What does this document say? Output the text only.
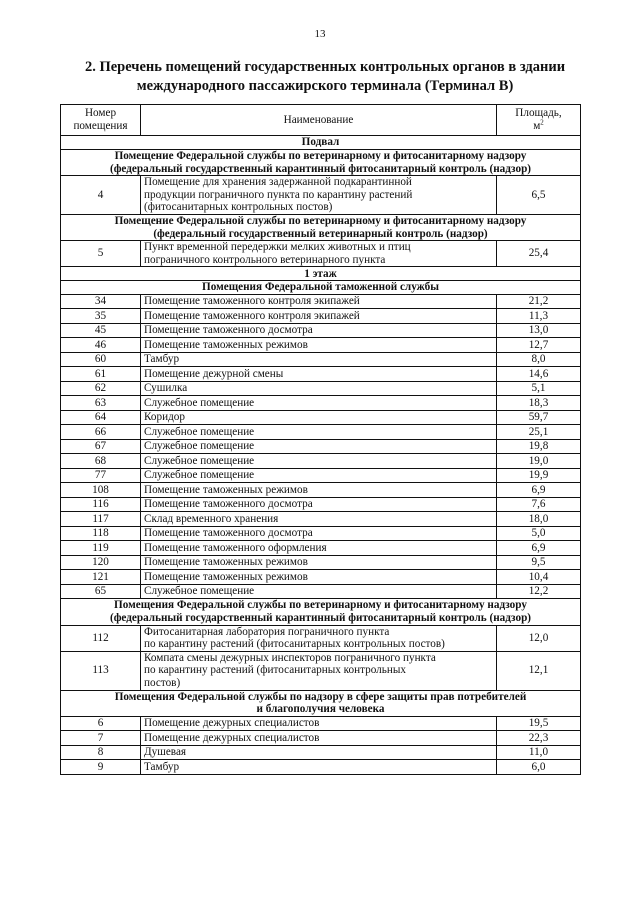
13
2. Перечень помещений государственных контрольных органов в здании
международного пассажирского терминала (Терминал B)
Номер
помещения	Наименование	Площадь,
$м^2$
Подвал		

Помещение Федеральной службы по ветеринарному и фитосанитарному надзору
(федеральный государственный карантинный фитосанитарный контроль (надзор)		

4	Помещение для хранения задержанной подкарантинной
продукции пограничного пункта по карантину растений
(фитосанитарных контрольных постов)	6,5

Помещение Федеральной службы по ветеринарному и фитосанитарному надзору
(федеральный государственный ветеринарный контроль (надзор)		

5	Пункт временной передержки мелких животных и птиц
пограничного контрольного ветеринарного пункта	25,4
1 этаж		

Помещения Федеральной таможенной службы		

34	Помещение таможенного контроля экипажей	21,2
35	Помещение таможенного контроля экипажей	11,3
45	Помещение таможенного досмотра	13,0
46	Помещение таможенных режимов	12,7
60	Тамбур	8,0
61	Помещение дежурной смены	14,6
62	Сушилка	5,1
63	Служебное помещение	18,3
64	Коридор	59,7
66	Служебное помещение	25,1
67	Служебное помещение	19,8
68	Служебное помещение	19,0
77	Служебное помещение	19,9
108	Помещение таможенных режимов	6,9
116	Помещение таможенного досмотра	7,6
117	Склад временного хранения	18,0
118	Помещение таможенного досмотра	5,0
119	Помещение таможенного оформления	6,9
120	Помещение таможенных режимов	9,5
121	Помещение таможенных режимов	10,4
65	Служебное помещение	12,2

Помещения Федеральной службы по ветеринарному и фитосанитарному надзору
(федеральный государственный карантинный фитосанитарный контроль (надзор)		

112	Фитосанитарная лаборатория пограничного пункта
по карантину растений (фитосанитарных контрольных постов)	12,0
113	Компата смены дежурных инспекторов пограничного пункта
по карантину растений (фитосанитарных контрольных
постов)	12,1

Помещения Федеральной службы по надзору в сфере защиты прав потребителей
и благополучия человека		

6	Помещение дежурных специалистов	19,5
7	Помещение дежурных специалистов	22,3
8	Душевая	11,0
9	Тамбур	6,0
